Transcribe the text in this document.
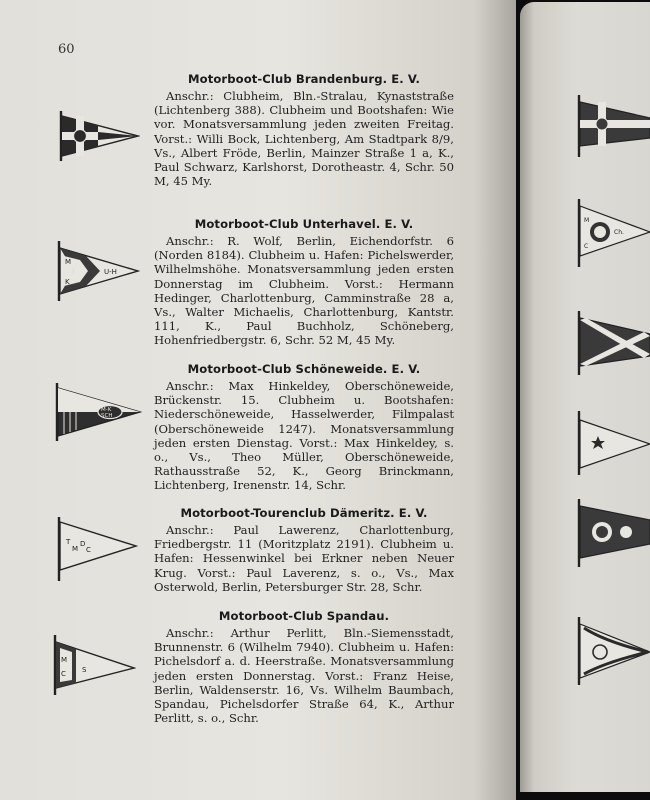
60
Motorboot-Club Brandenburg. E. V.
Anschr.: Clubheim, Bln.-Stralau, Kynaststraße (Lichtenberg 388). Clubheim und Bootshafen: Wie vor. Monatsversammlung jeden zweiten Freitag. Vorst.: Willi Bock, Lichtenberg, Am Stadtpark 8/9, Vs., Albert Fröde, Berlin, Mainzer Straße 1 a, K., Paul Schwarz, Karlshorst, Dorotheastr. 4, Schr. 50 M, 45 My.
M
K
U-H
Motorboot-Club Unterhavel. E. V.
Anschr.: R. Wolf, Berlin, Eichendorfstr. 6 (Norden 8184). Clubheim u. Hafen: Pichelswerder, Wilhelmshöhe. Monatsversammlung jeden ersten Donnerstag im Clubheim. Vorst.: Hermann Hedinger, Charlottenburg, Camminstraße 28 a, Vs., Walter Michaelis, Charlottenburg, Kantstr. 111, K., Paul Buchholz, Schöneberg, Hohenfriedbergstr. 6, Schr. 52 M, 45 My.
M-K
SCH
Motorboot-Club Schöneweide. E. V.
Anschr.: Max Hinkeldey, Oberschöneweide, Brückenstr. 15. Clubheim u. Bootshafen: Niederschöneweide, Hasselwerder, Filmpalast (Oberschöneweide 1247). Monatsversammlung jeden ersten Dienstag. Vorst.: Max Hinkeldey, s. o., Vs., Theo Müller, Oberschöneweide, Rathausstraße 52, K., Georg Brinckmann, Lichtenberg, Irenenstr. 14, Schr.
T
M
D
C
Motorboot-Tourenclub Dämeritz. E. V.
Anschr.: Paul Lawerenz, Charlottenburg, Friedbergstr. 11 (Moritzplatz 2191). Clubheim u. Hafen: Hessenwinkel bei Erkner neben Neuer Krug. Vorst.: Paul Laverenz, s. o., Vs., Max Osterwold, Berlin, Petersburger Str. 28, Schr.
M
C S
Motorboot-Club Spandau.
Anschr.: Arthur Perlitt, Bln.-Siemensstadt, Brunnenstr. 6 (Wilhelm 7940). Clubheim u. Hafen: Pichelsdorf a. d. Heerstraße. Monatsversammlung jeden ersten Donnerstag. Vorst.: Franz Heise, Berlin, Waldenserstr. 16, Vs. Wilhelm Baumbach, Spandau, Pichelsdorfer Straße 64, K., Arthur Perlitt, s. o., Schr.
M
C
Ch.
